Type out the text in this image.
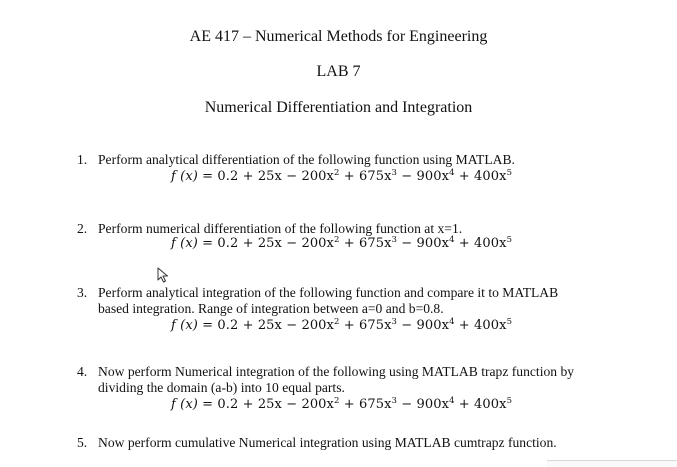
AE 417 – Numerical Methods for Engineering
LAB 7
Numerical Differentiation and Integration
1. Perform analytical differentiation of the following function using MATLAB.
f $(x) = 0.2 + 25x - 200x^2 + 675x^3 - 900x^4 + 400x^5$
2. Perform numerical differentiation of the following function at x=1.
f $(x) = 0.2 + 25x - 200x^2 + 675x^3 - 900x^4 + 400x^5$
3. Perform analytical integration of the following function and compare it to MATLAB
based integration. Range of integration between a=0 and b=0.8.
f $(x) = 0.2 + 25x - 200x^2 + 675x^3 - 900x^4 + 400x^5$
4. Now perform Numerical integration of the following using MATLAB trapz function by
dividing the domain (a-b) into 10 equal parts.
f $(x) = 0.2 + 25x - 200x^2 + 675x^3 - 900x^4 + 400x^5$
5. Now perform cumulative Numerical integration using MATLAB cumtrapz function.
